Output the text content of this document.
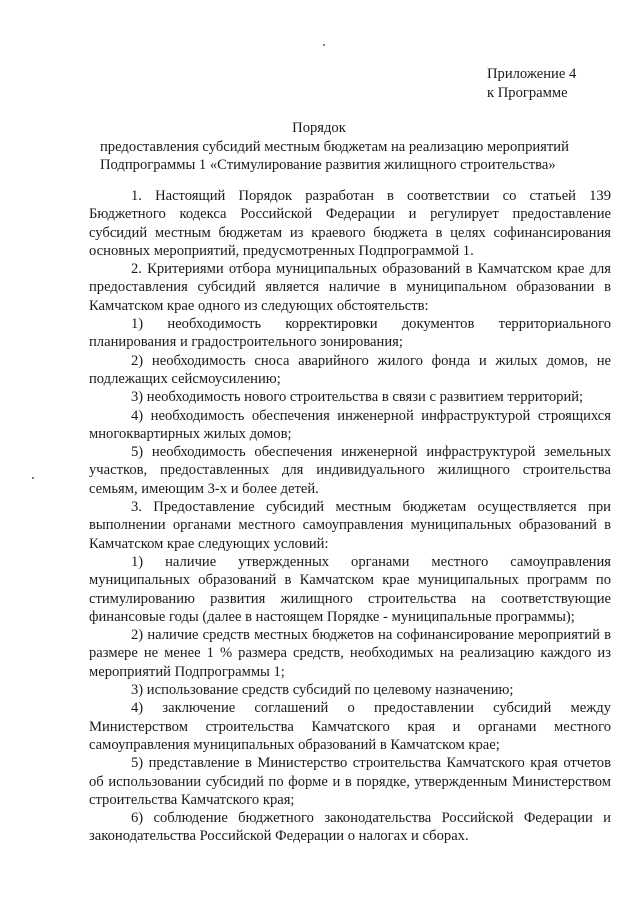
Приложение 4
к Программе
Порядок
предоставления субсидий местным бюджетам на реализацию мероприятий
Подпрограммы 1 «Стимулирование развития жилищного строительства»

1. Настоящий Порядок разработан в соответствии со статьей 139 Бюджетного кодекса Российской Федерации и регулирует предоставление субсидий местным бюджетам из краевого бюджета в целях софинансирования основных мероприятий, предусмотренных Подпрограммой 1.

2. Критериями отбора муниципальных образований в Камчатском крае для предоставления субсидий является наличие в муниципальном образовании в Камчатском крае одного из следующих обстоятельств:

1) необходимость корректировки документов территориального планирования и градостроительного зонирования;

2) необходимость сноса аварийного жилого фонда и жилых домов, не подлежащих сейсмоусилению;

3) необходимость нового строительства в связи с развитием территорий;

4) необходимость обеспечения инженерной инфраструктурой строящихся многоквартирных жилых домов;

5) необходимость обеспечения инженерной инфраструктурой земельных участков, предоставленных для индивидуального жилищного строительства семьям, имеющим 3-х и более детей.

3. Предоставление субсидий местным бюджетам осуществляется при выполнении органами местного самоуправления муниципальных образований в Камчатском крае следующих условий:

1) наличие утвержденных органами местного самоуправления муниципальных образований в Камчатском крае муниципальных программ по стимулированию развития жилищного строительства на соответствующие финансовые годы (далее в настоящем Порядке - муниципальные программы);

2) наличие средств местных бюджетов на софинансирование мероприятий в размере не менее 1 % размера средств, необходимых на реализацию каждого из мероприятий Подпрограммы 1;

3) использование средств субсидий по целевому назначению;

4) заключение соглашений о предоставлении субсидий между Министерством строительства Камчатского края и органами местного самоуправления муниципальных образований в Камчатском крае;

5) представление в Министерство строительства Камчатского края отчетов об использовании субсидий по форме и в порядке, утвержденным Министерством строительства Камчатского края;

6) соблюдение бюджетного законодательства Российской Федерации и законодательства Российской Федерации о налогах и сборах.
